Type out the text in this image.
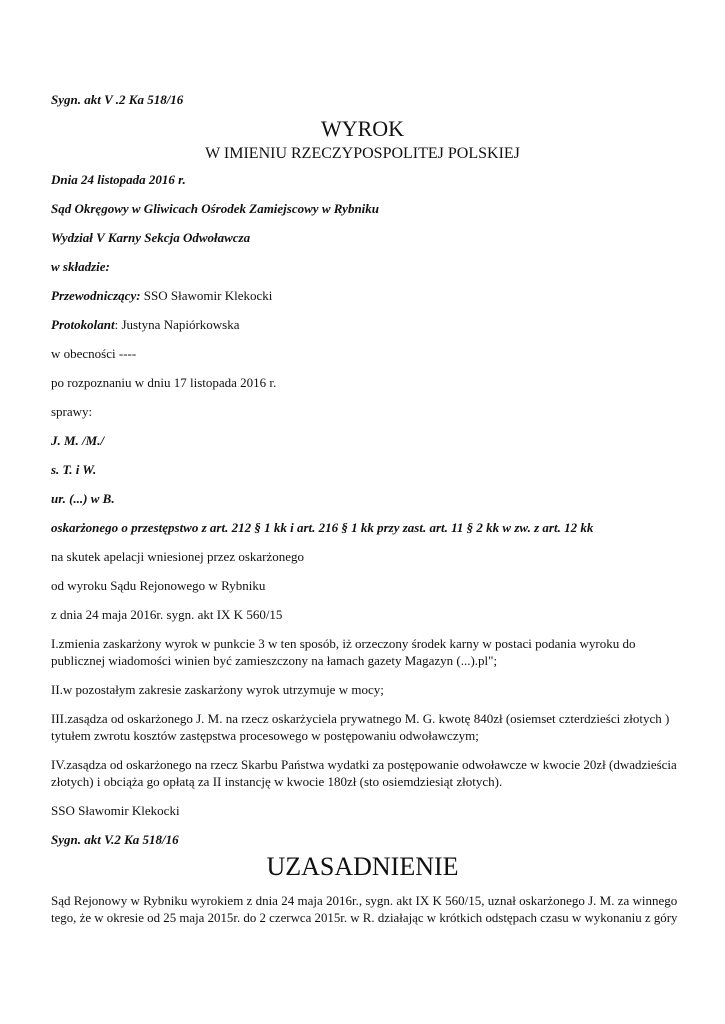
Sygn. akt V .2 Ka 518/16
WYROK
W IMIENIU RZECZYPOSPOLITEJ POLSKIEJ
Dnia 24 listopada 2016 r.
Sąd Okręgowy w Gliwicach Ośrodek Zamiejscowy w Rybniku
Wydział V Karny Sekcja Odwoławcza
w składzie:
Przewodniczący: SSO Sławomir Klekocki
Protokolant: Justyna Napiórkowska
w obecności ----
po rozpoznaniu w dniu 17 listopada 2016 r.
sprawy:
J. M. /M./
s. T. i W.
ur. (...) w B.
oskarżonego o przestępstwo z art. 212 § 1 kk i art. 216 § 1 kk przy zast. art. 11 § 2 kk w zw. z art. 12 kk
na skutek apelacji wniesionej przez oskarżonego
od wyroku Sądu Rejonowego w Rybniku
z dnia 24 maja 2016r. sygn. akt IX K 560/15
I.zmienia zaskarżony wyrok w punkcie 3 w ten sposób, iż orzeczony środek karny w postaci podania wyroku do
publicznej wiadomości winien być zamieszczony na łamach gazety Magazyn (...).pl";
II.w pozostałym zakresie zaskarżony wyrok utrzymuje w mocy;
III.zasądza od oskarżonego J. M. na rzecz oskarżyciela prywatnego M. G. kwotę 840zł (osiemset czterdzieści złotych )
tytułem zwrotu kosztów zastępstwa procesowego w postępowaniu odwoławczym;
IV.zasądza od oskarżonego na rzecz Skarbu Państwa wydatki za postępowanie odwoławcze w kwocie 20zł (dwadzieścia
złotych) i obciąża go opłatą za II instancję w kwocie 180zł (sto osiemdziesiąt złotych).
SSO Sławomir Klekocki
Sygn. akt V.2 Ka 518/16
UZASADNIENIE
Sąd Rejonowy w Rybniku wyrokiem z dnia 24 maja 2016r., sygn. akt IX K 560/15, uznał oskarżonego J. M. za winnego
tego, że w okresie od 25 maja 2015r. do 2 czerwca 2015r. w R. działając w krótkich odstępach czasu w wykonaniu z góry
